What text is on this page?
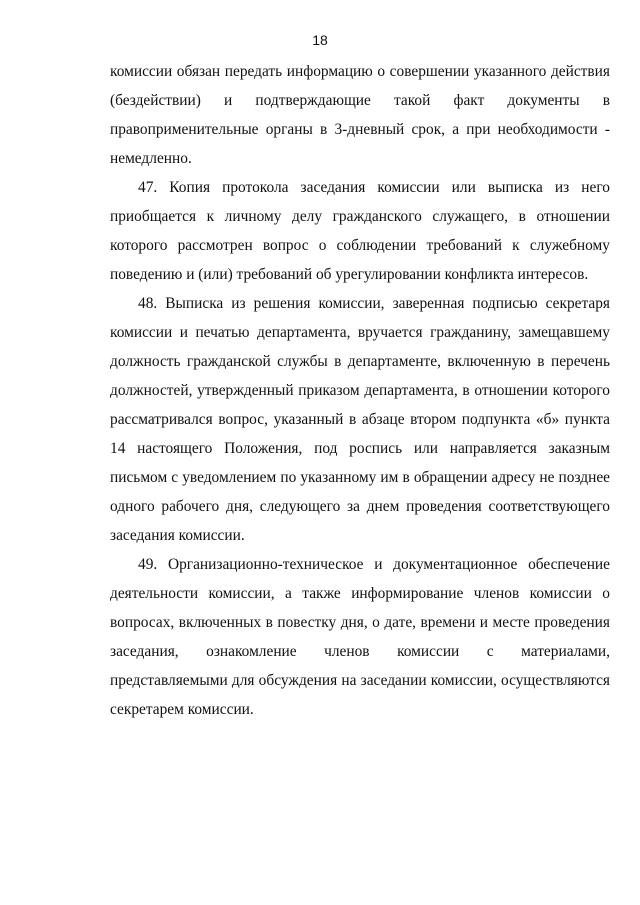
18

комиссии обязан передать информацию о совершении указанного действия (бездействии) и подтверждающие такой факт документы в правоприменительные органы в 3-дневный срок, а при необходимости - немедленно.

47. Копия протокола заседания комиссии или выписка из него приобщается к личному делу гражданского служащего, в отношении которого рассмотрен вопрос о соблюдении требований к служебному поведению и (или) требований об урегулировании конфликта интересов.

48. Выписка из решения комиссии, заверенная подписью секретаря комиссии и печатью департамента, вручается гражданину, замещавшему должность гражданской службы в департаменте, включенную в перечень должностей, утвержденный приказом департамента, в отношении которого рассматривался вопрос, указанный в абзаце втором подпункта «б» пункта 14 настоящего Положения, под роспись или направляется заказным письмом с уведомлением по указанному им в обращении адресу не позднее одного рабочего дня, следующего за днем проведения соответствующего заседания комиссии.

49. Организационно-техническое и документационное обеспечение деятельности комиссии, а также информирование членов комиссии о вопросах, включенных в повестку дня, о дате, времени и месте проведения заседания, ознакомление членов комиссии с материалами, представляемыми для обсуждения на заседании комиссии, осуществляются секретарем комиссии.
